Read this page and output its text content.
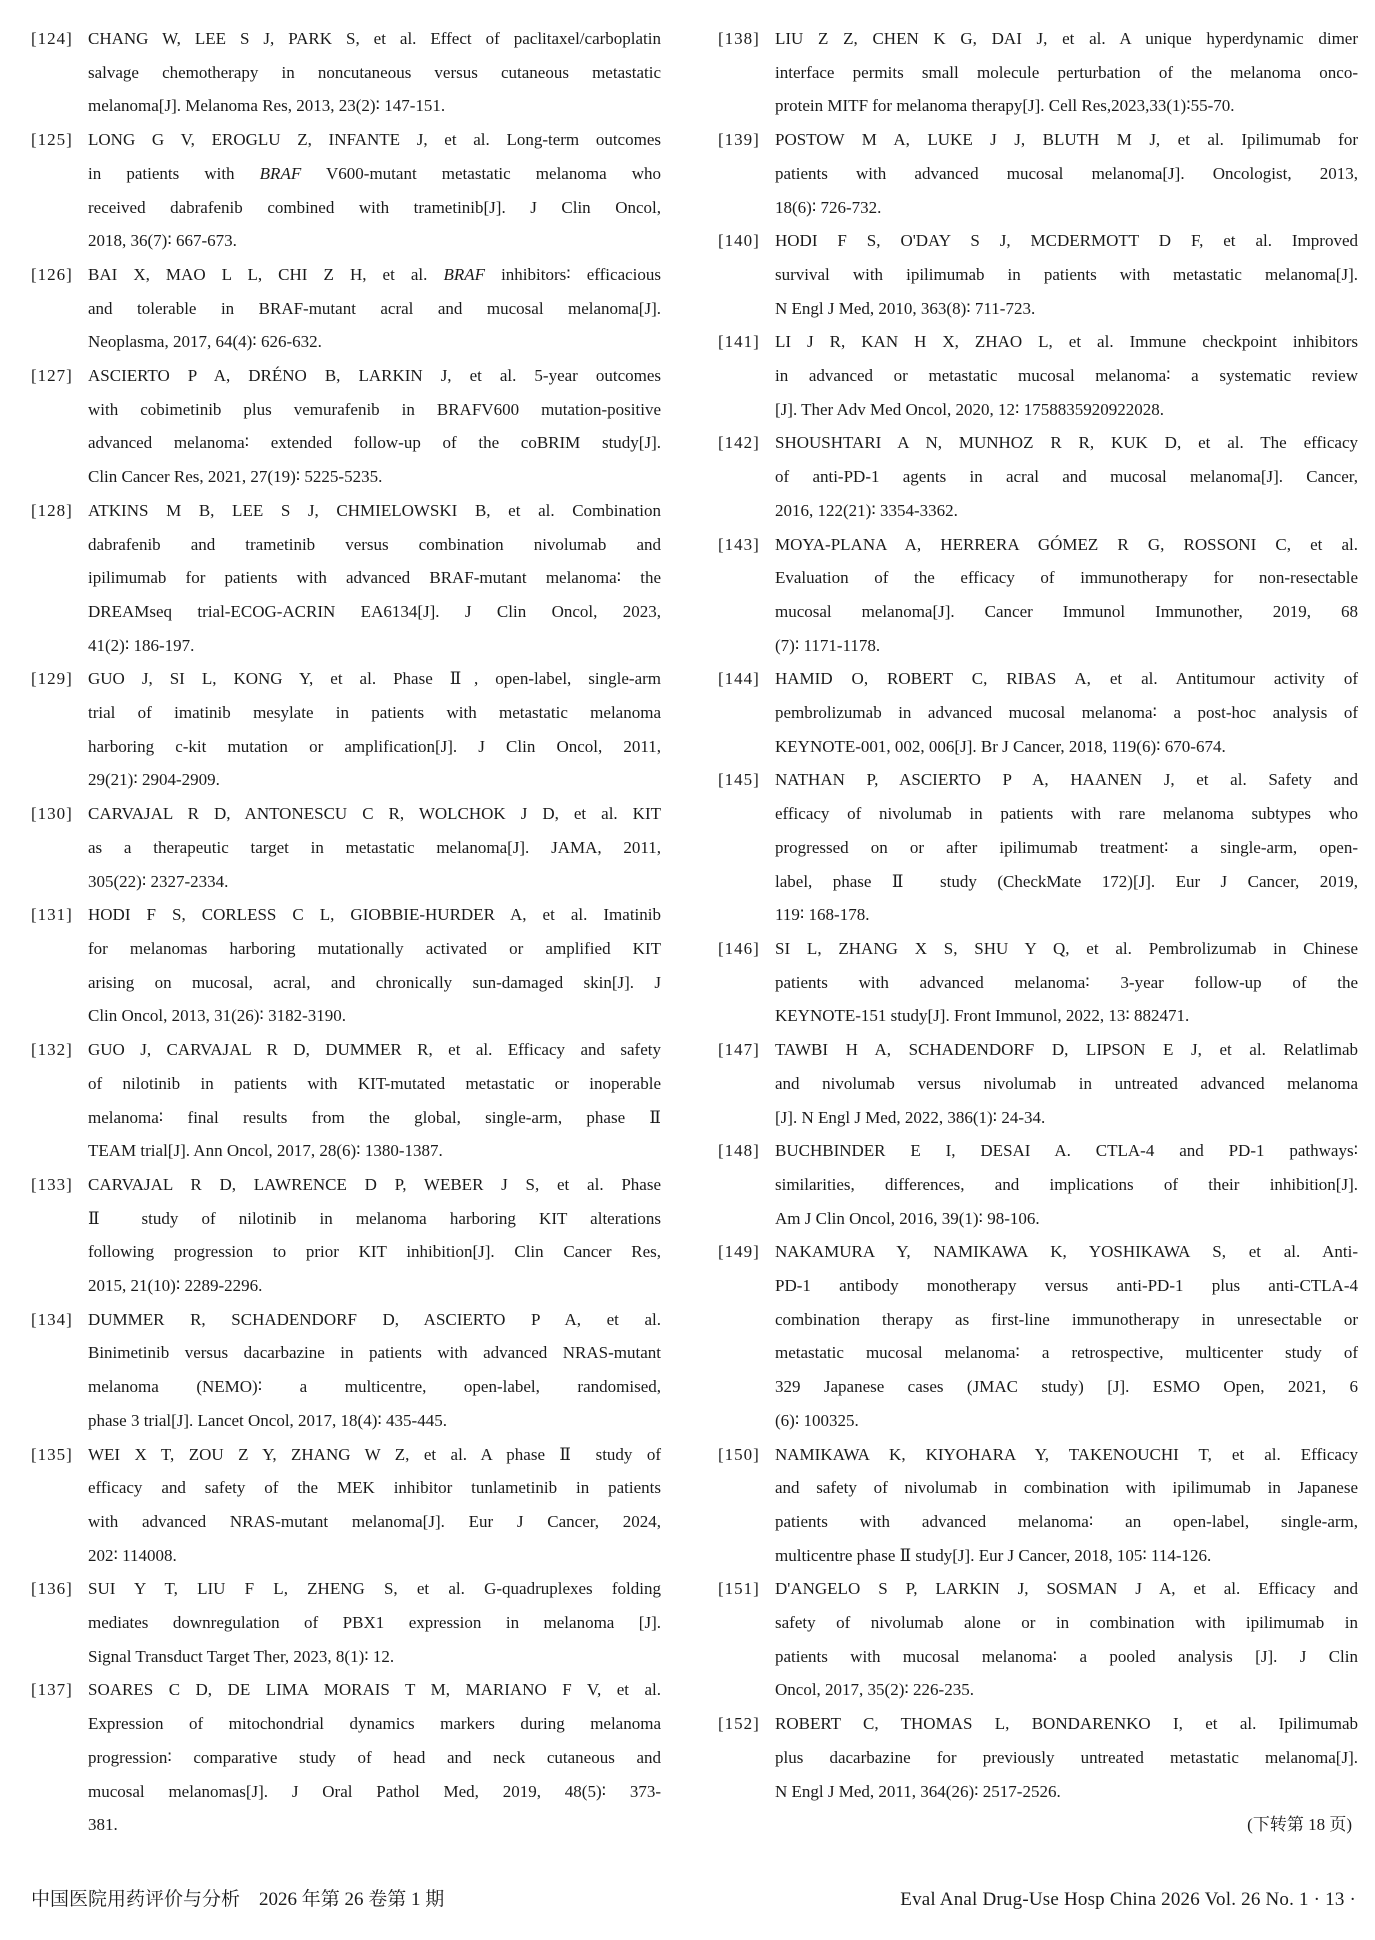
[124] CHANG W, LEE S J, PARK S, et al. Effect of paclitaxel/carboplatin
salvage chemotherapy in noncutaneous versus cutaneous metastatic
melanoma[J]. Melanoma Res, 2013, 23(2)∶ 147-151.
[125] LONG G V, EROGLU Z, INFANTE J, et al. Long-term outcomes
in patients with BRAF V600-mutant metastatic melanoma who
received dabrafenib combined with trametinib[J]. J Clin Oncol,
2018, 36(7)∶ 667-673.
[126] BAI X, MAO L L, CHI Z H, et al. BRAF inhibitors∶ efficacious
and tolerable in BRAF-mutant acral and mucosal melanoma[J].
Neoplasma, 2017, 64(4)∶ 626-632.
[127] ASCIERTO P A, DRÉNO B, LARKIN J, et al. 5-year outcomes
with cobimetinib plus vemurafenib in BRAFV600 mutation-positive
advanced melanoma∶ extended follow-up of the coBRIM study[J].
Clin Cancer Res, 2021, 27(19)∶ 5225-5235.
[128] ATKINS M B, LEE S J, CHMIELOWSKI B, et al. Combination
dabrafenib and trametinib versus combination nivolumab and
ipilimumab for patients with advanced BRAF-mutant melanoma∶ the
DREAMseq trial-ECOG-ACRIN EA6134[J]. J Clin Oncol, 2023,
41(2)∶ 186-197.
[129] GUO J, SI L, KONG Y, et al. Phase Ⅱ, open-label, single-arm
trial of imatinib mesylate in patients with metastatic melanoma
harboring c-kit mutation or amplification[J]. J Clin Oncol, 2011,
29(21)∶ 2904-2909.
[130] CARVAJAL R D, ANTONESCU C R, WOLCHOK J D, et al. KIT
as a therapeutic target in metastatic melanoma[J]. JAMA, 2011,
305(22)∶ 2327-2334.
[131] HODI F S, CORLESS C L, GIOBBIE-HURDER A, et al. Imatinib
for melanomas harboring mutationally activated or amplified KIT
arising on mucosal, acral, and chronically sun-damaged skin[J]. J
Clin Oncol, 2013, 31(26)∶ 3182-3190.
[132] GUO J, CARVAJAL R D, DUMMER R, et al. Efficacy and safety
of nilotinib in patients with KIT-mutated metastatic or inoperable
melanoma∶ final results from the global, single-arm, phase Ⅱ
TEAM trial[J]. Ann Oncol, 2017, 28(6)∶ 1380-1387.
[133] CARVAJAL R D, LAWRENCE D P, WEBER J S, et al. Phase
Ⅱ study of nilotinib in melanoma harboring KIT alterations
following progression to prior KIT inhibition[J]. Clin Cancer Res,
2015, 21(10)∶ 2289-2296.
[134] DUMMER R, SCHADENDORF D, ASCIERTO P A, et al.
Binimetinib versus dacarbazine in patients with advanced NRAS-mutant
melanoma (NEMO)∶ a multicentre, open-label, randomised,
phase 3 trial[J]. Lancet Oncol, 2017, 18(4)∶ 435-445.
[135] WEI X T, ZOU Z Y, ZHANG W Z, et al. A phase Ⅱ study of
efficacy and safety of the MEK inhibitor tunlametinib in patients
with advanced NRAS-mutant melanoma[J]. Eur J Cancer, 2024,
202∶ 114008.
[136] SUI Y T, LIU F L, ZHENG S, et al. G-quadruplexes folding
mediates downregulation of PBX1 expression in melanoma [J].
Signal Transduct Target Ther, 2023, 8(1)∶ 12.
[137] SOARES C D, DE LIMA MORAIS T M, MARIANO F V, et al.
Expression of mitochondrial dynamics markers during melanoma
progression∶ comparative study of head and neck cutaneous and
mucosal melanomas[J]. J Oral Pathol Med, 2019, 48(5)∶ 373-
381.
[138] LIU Z Z, CHEN K G, DAI J, et al. A unique hyperdynamic dimer
interface permits small molecule perturbation of the melanoma onco-
protein MITF for melanoma therapy[J]. Cell Res,2023,33(1)∶55-70.
[139] POSTOW M A, LUKE J J, BLUTH M J, et al. Ipilimumab for
patients with advanced mucosal melanoma[J]. Oncologist, 2013,
18(6)∶ 726-732.
[140] HODI F S, O'DAY S J, MCDERMOTT D F, et al. Improved
survival with ipilimumab in patients with metastatic melanoma[J].
N Engl J Med, 2010, 363(8)∶ 711-723.
[141] LI J R, KAN H X, ZHAO L, et al. Immune checkpoint inhibitors
in advanced or metastatic mucosal melanoma∶ a systematic review
[J]. Ther Adv Med Oncol, 2020, 12∶ 1758835920922028.
[142] SHOUSHTARI A N, MUNHOZ R R, KUK D, et al. The efficacy
of anti-PD-1 agents in acral and mucosal melanoma[J]. Cancer,
2016, 122(21)∶ 3354-3362.
[143] MOYA-PLANA A, HERRERA GÓMEZ R G, ROSSONI C, et al.
Evaluation of the efficacy of immunotherapy for non-resectable
mucosal melanoma[J]. Cancer Immunol Immunother, 2019, 68
(7)∶ 1171-1178.
[144] HAMID O, ROBERT C, RIBAS A, et al. Antitumour activity of
pembrolizumab in advanced mucosal melanoma∶ a post-hoc analysis of
KEYNOTE-001, 002, 006[J]. Br J Cancer, 2018, 119(6)∶ 670-674.
[145] NATHAN P, ASCIERTO P A, HAANEN J, et al. Safety and
efficacy of nivolumab in patients with rare melanoma subtypes who
progressed on or after ipilimumab treatment∶ a single-arm, open-
label, phase Ⅱ study (CheckMate 172)[J]. Eur J Cancer, 2019,
119∶ 168-178.
[146] SI L, ZHANG X S, SHU Y Q, et al. Pembrolizumab in Chinese
patients with advanced melanoma∶ 3-year follow-up of the
KEYNOTE-151 study[J]. Front Immunol, 2022, 13∶ 882471.
[147] TAWBI H A, SCHADENDORF D, LIPSON E J, et al. Relatlimab
and nivolumab versus nivolumab in untreated advanced melanoma
[J]. N Engl J Med, 2022, 386(1)∶ 24-34.
[148] BUCHBINDER E I, DESAI A. CTLA-4 and PD-1 pathways∶
similarities, differences, and implications of their inhibition[J].
Am J Clin Oncol, 2016, 39(1)∶ 98-106.
[149] NAKAMURA Y, NAMIKAWA K, YOSHIKAWA S, et al. Anti-
PD-1 antibody monotherapy versus anti-PD-1 plus anti-CTLA-4
combination therapy as first-line immunotherapy in unresectable or
metastatic mucosal melanoma∶ a retrospective, multicenter study of
329 Japanese cases (JMAC study) [J]. ESMO Open, 2021, 6
(6)∶ 100325.
[150] NAMIKAWA K, KIYOHARA Y, TAKENOUCHI T, et al. Efficacy
and safety of nivolumab in combination with ipilimumab in Japanese
patients with advanced melanoma∶ an open-label, single-arm,
multicentre phase Ⅱ study[J]. Eur J Cancer, 2018, 105∶ 114-126.
[151] D'ANGELO S P, LARKIN J, SOSMAN J A, et al. Efficacy and
safety of nivolumab alone or in combination with ipilimumab in
patients with mucosal melanoma∶ a pooled analysis [J]. J Clin
Oncol, 2017, 35(2)∶ 226-235.
[152] ROBERT C, THOMAS L, BONDARENKO I, et al. Ipilimumab
plus dacarbazine for previously untreated metastatic melanoma[J].
N Engl J Med, 2011, 364(26)∶ 2517-2526.
(下转第 18 页)
中国医院用药评价与分析　2026 年第 26 卷第 1 期	Eval Anal Drug-Use Hosp China 2026 Vol. 26 No. 1 · 13 ·
